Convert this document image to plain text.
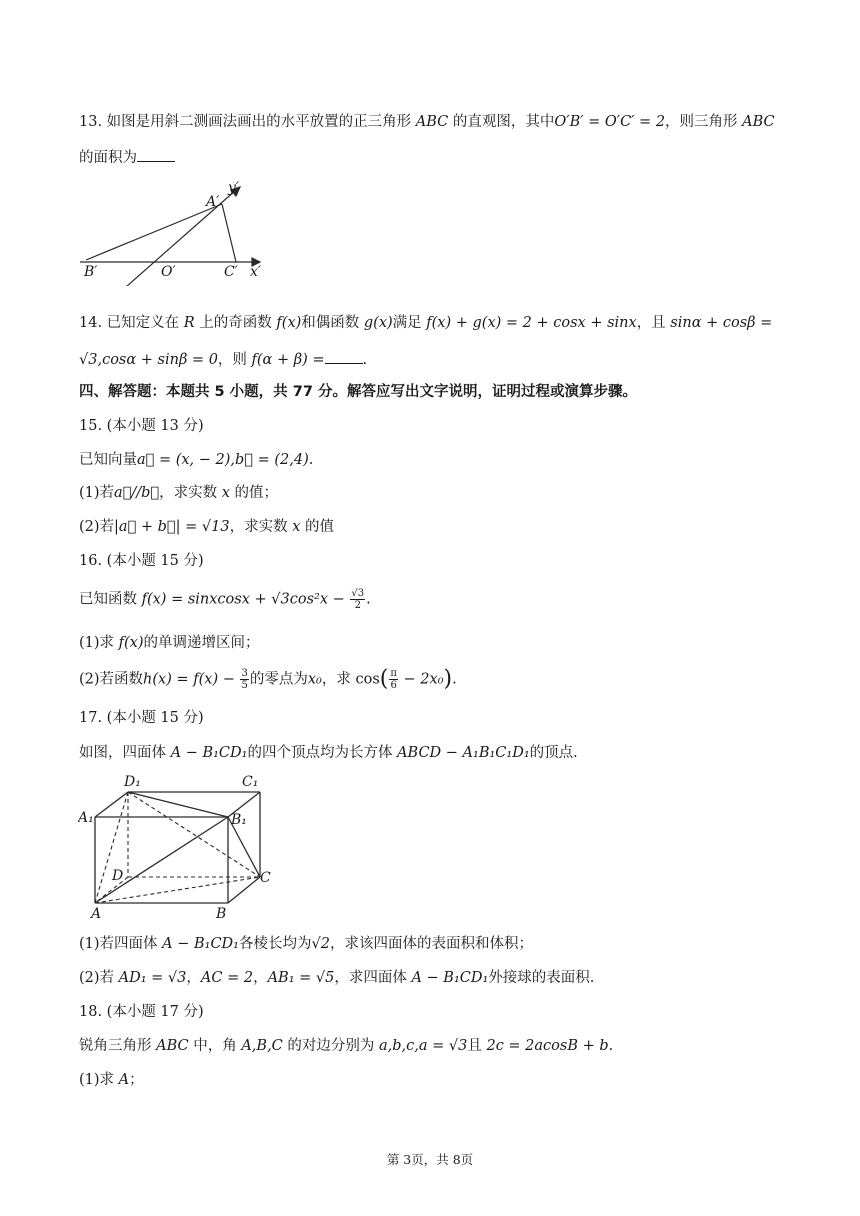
13. 如图是用斜二测画法画出的水平放置的正三角形 ABC 的直观图，其中O′B′ = O′C′ = 2，则三角形 ABC
的面积为
A′
B′	O′	C′ x′
y′
14. 已知定义在 R 上的奇函数 f(x)和偶函数 g(x)满足 f(x) + g(x) = 2 + cosx + sinx，且 sinα + cosβ =
√3,cosα + sinβ = 0，则 f(α + β) =	.
四、解答题：本题共 5 小题，共 77 分。解答应写出文字说明，证明过程或演算步骤。
15. (本小题 13 分)
已知向量a⃗ = (x, − 2),b⃗ = (2,4).
(1)若a⃗//b⃗，求实数 x 的值；
(2)若|a⃗ + b⃗| = √13，求实数 x 的值
16. (本小题 15 分)
已知函数 f(x) = sinxcosx + $√3\cos^2x - \frac{√3}{2}$ .
(1)求 f(x)的单调递增区间；
(2)若函数$h(x) = f(x) - \frac{3}{5}$ 的零点为x₀，求 $\cos( \frac{\pi}{6} - 2x_0)$.
17. (本小题 15 分)
如图，四面体 A − B₁CD₁的四个顶点均为长方体 ABCD − A₁B₁C₁D₁的顶点.
D₁	C₁
A₁	B₁
D	C
A	B
(1)若四面体 A − B₁CD₁各棱长均为√2，求该四面体的表面积和体积；
(2)若 AD₁ = √3，AC = 2，AB₁ = √5，求四面体 A − B₁CD₁外接球的表面积.
18. (本小题 17 分)
锐角三角形 ABC 中，角 A,B,C 的对边分别为 a,b,c,a = √3且 2c = 2acosB + b.
(1)求 A；
第 3页，共 8页
